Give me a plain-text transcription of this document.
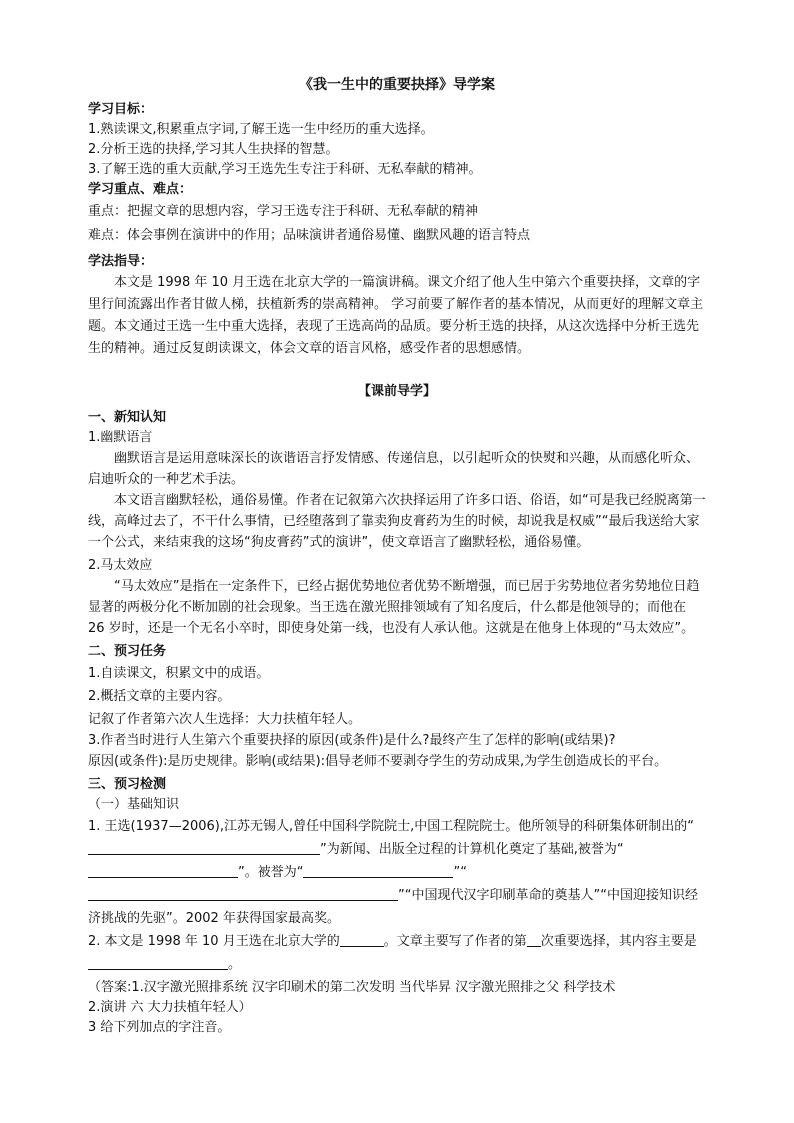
《我一生中的重要抉择》导学案

学习目标：

1.熟读课文,积累重点字词,了解王选一生中经历的重大选择。

2.分析王选的抉择,学习其人生抉择的智慧。

3.了解王选的重大贡献,学习王选先生专注于科研、无私奉献的精神。

学习重点、难点：

重点：把握文章的思想内容，学习王选专注于科研、无私奉献的精神

难点：体会事例在演讲中的作用；品味演讲者通俗易懂、幽默风趣的语言特点

学法指导：

本文是 1998 年 10 月王选在北京大学的一篇演讲稿。课文介绍了他人生中第六个重要抉择，文章的字里行间流露出作者甘做人梯，扶植新秀的崇高精神。 学习前要了解作者的基本情况，从而更好的理解文章主题。本文通过王选一生中重大选择，表现了王选高尚的品质。要分析王选的抉择，从这次选择中分析王选先生的精神。通过反复朗读课文，体会文章的语言风格，感受作者的思想感情。

【课前导学】

一、新知认知

1.幽默语言

幽默语言是运用意味深长的诙谐语言抒发情感、传递信息，以引起听众的快熨和兴趣，从而感化听众、启迪听众的一种艺术手法。

本文语言幽默轻松，通俗易懂。作者在记叙第六次抉择运用了许多口语、俗语，如“可是我已经脱离第一线，高峰过去了，不干什么事情，已经堕落到了靠卖狗皮膏药为生的时候，却说我是权威”“最后我送给大家一个公式，来结束我的这场“狗皮膏药”式的演讲”，使文章语言了幽默轻松，通俗易懂。

2.马太效应

“马太效应”是指在一定条件下，已经占据优势地位者优势不断增强，而已居于劣势地位者劣势地位日趋显著的两极分化不断加剧的社会现象。当王选在激光照排领域有了知名度后，什么都是他领导的；而他在 26 岁时，还是一个无名小卒时，即使身处第一线，也没有人承认他。这就是在他身上体现的“马太效应”。

二、预习任务

1.自读课文，积累文中的成语。

2.概括文章的主要内容。

记叙了作者第六次人生选择：大力扶植年轻人。

3.作者当时进行人生第六个重要抉择的原因(或条件)是什么?最终产生了怎样的影响(或结果)?

原因(或条件):是历史规律。影响(或结果):倡导老师不要剥夺学生的劳动成果,为学生创造成长的平台。

三、预习检测

（一）基础知识

1. 王选(1937—2006),江苏无锡人,曾任中国科学院院士,中国工程院院士。他所领导的科研集体研制出的“”为新闻、出版全过程的计算机化奠定了基础,被誉为“”。被誉为“	”“”“中国现代汉字印刷革命的奠基人”“中国迎接知识经济挑战的先驱”。2002 年获得国家最高奖。

2. 本文是 1998 年 10 月王选在北京大学的	。文章主要写了作者的第 次重要选择，其内容主要是。

（答案:1.汉字激光照排系统 汉字印刷术的第二次发明 当代毕昇 汉字激光照排之父 科学技术

2.演讲 六 大力扶植年轻人）

3 给下列加点的字注音。
